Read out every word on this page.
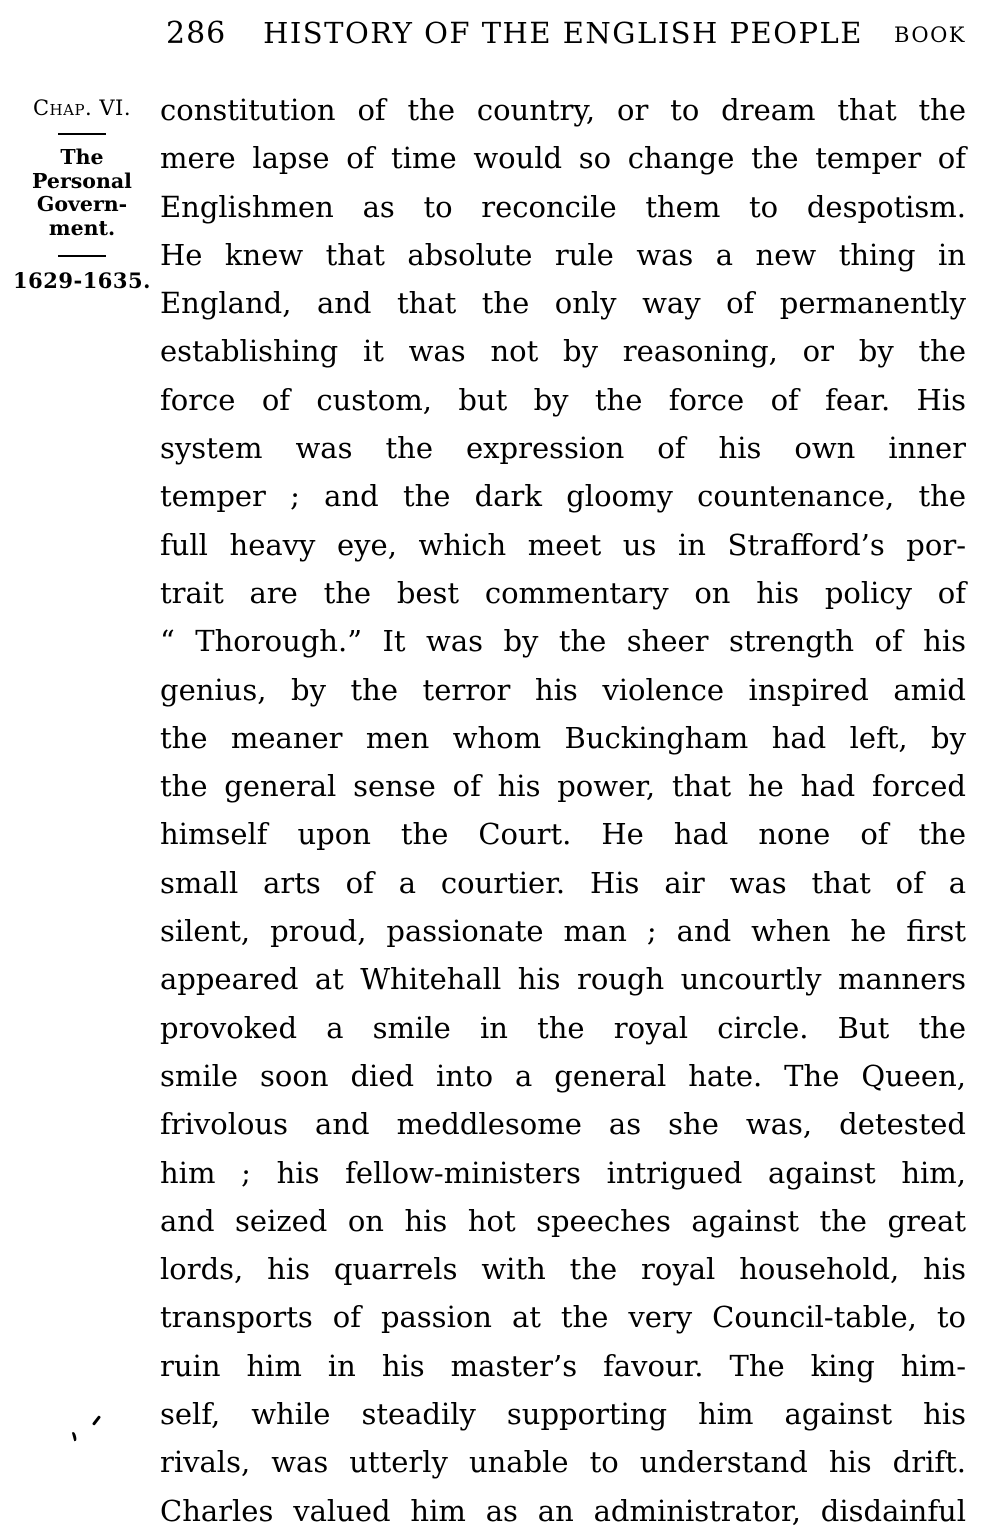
HISTORY OF THE ENGLISH PEOPLE
286	BOOK
Chap. VI.
The
Personal
Govern-
ment.
1629-1635.
constitution of the country, or to dream that the
mere lapse of time would so change the temper of
Englishmen as to reconcile them to despotism.
He knew that absolute rule was a new thing in
England, and that the only way of permanently
establishing it was not by reasoning, or by the
force of custom, but by the force of fear. His
system was the expression of his own inner
temper ; and the dark gloomy countenance, the
full heavy eye, which meet us in Strafford’s por-
trait are the best commentary on his policy of
“ Thorough.” It was by the sheer strength of his
genius, by the terror his violence inspired amid
the meaner men whom Buckingham had left, by
the general sense of his power, that he had forced
himself upon the Court. He had none of the
small arts of a courtier. His air was that of a
silent, proud, passionate man ; and when he first
appeared at Whitehall his rough uncourtly manners
provoked a smile in the royal circle. But the
smile soon died into a general hate. The Queen,
frivolous and meddlesome as she was, detested
him ; his fellow-ministers intrigued against him,
and seized on his hot speeches against the great
lords, his quarrels with the royal household, his
transports of passion at the very Council-table, to
ruin him in his master’s favour. The king him-
self, while steadily supporting him against his
rivals, was utterly unable to understand his drift.
Charles valued him as an administrator, disdainful
